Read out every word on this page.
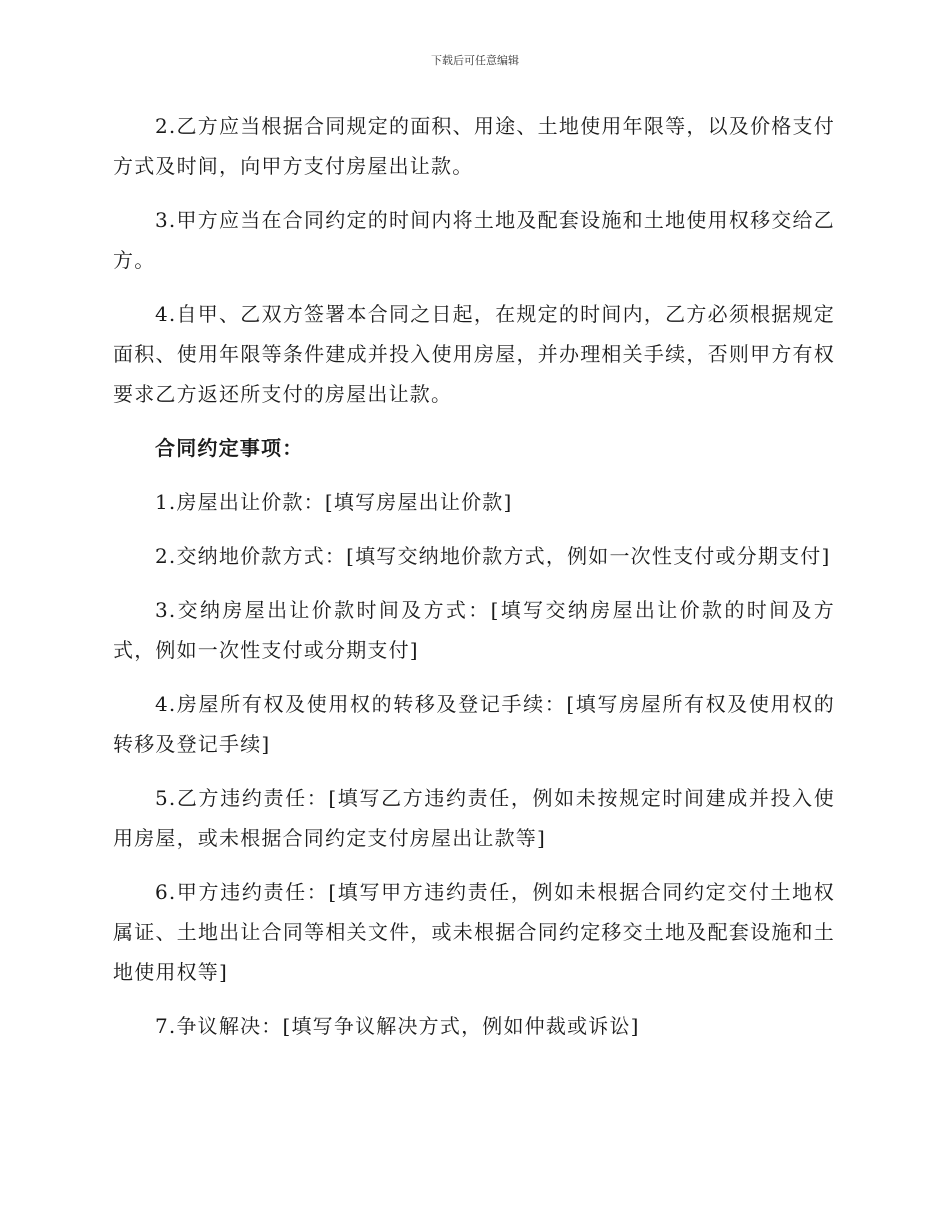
下载后可任意编辑

2.乙方应当根据合同规定的面积、用途、土地使用年限等，以及价格支付方式及时间，向甲方支付房屋出让款。

3.甲方应当在合同约定的时间内将土地及配套设施和土地使用权移交给乙方。

4.自甲、乙双方签署本合同之日起，在规定的时间内，乙方必须根据规定面积、使用年限等条件建成并投入使用房屋，并办理相关手续，否则甲方有权要求乙方返还所支付的房屋出让款。

合同约定事项：

1.房屋出让价款：[填写房屋出让价款]

2.交纳地价款方式：[填写交纳地价款方式，例如一次性支付或分期支付]

3.交纳房屋出让价款时间及方式：[填写交纳房屋出让价款的时间及方式，例如一次性支付或分期支付]

4.房屋所有权及使用权的转移及登记手续：[填写房屋所有权及使用权的转移及登记手续]

5.乙方违约责任：[填写乙方违约责任，例如未按规定时间建成并投入使用房屋，或未根据合同约定支付房屋出让款等]

6.甲方违约责任：[填写甲方违约责任，例如未根据合同约定交付土地权属证、土地出让合同等相关文件，或未根据合同约定移交土地及配套设施和土地使用权等]

7.争议解决：[填写争议解决方式，例如仲裁或诉讼]
